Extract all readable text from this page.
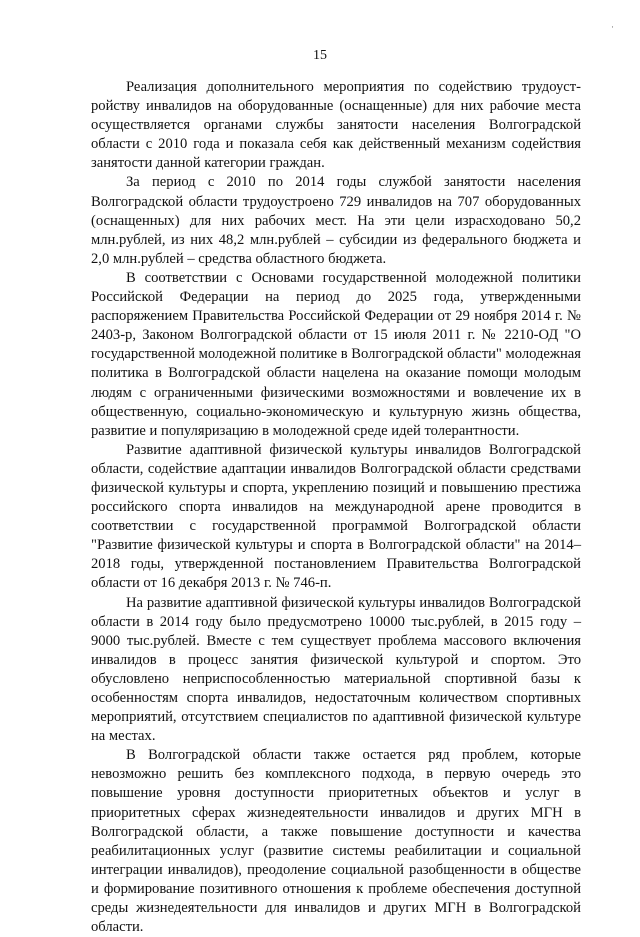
·
15

Реализация дополнительного мероприятия по содействию трудоустройству инвалидов на оборудованные (оснащенные) для них рабочие места осуществляется органами службы занятости населения Волгоградской области с 2010 года и показала себя как действенный механизм содействия занятости данной категории граждан.

За период с 2010 по 2014 годы службой занятости населения Волгоградской области трудоустроено 729 инвалидов на 707 оборудованных (оснащенных) для них рабочих мест. На эти цели израсходовано 50,2 млн.рублей, из них 48,2 млн.рублей – субсидии из федерального бюджета и 2,0 млн.рублей – средства областного бюджета.

В соответствии с Основами государственной молодежной политики Российской Федерации на период до 2025 года, утвержденными распоряжением Правительства Российской Федерации от 29 ноября 2014 г. № 2403-р, Законом Волгоградской области от 15 июля 2011 г. № 2210-ОД "О государственной молодежной политике в Волгоградской области" молодежная политика в Волгоградской области нацелена на оказание помощи молодым людям с ограниченными физическими возможностями и вовлечение их в общественную, социально-экономическую и культурную жизнь общества, развитие и популяризацию в молодежной среде идей толерантности.

Развитие адаптивной физической культуры инвалидов Волгоградской области, содействие адаптации инвалидов Волгоградской области средствами физической культуры и спорта, укреплению позиций и повышению престижа российского спорта инвалидов на международной арене проводится в соответствии с государственной программой Волгоградской области "Развитие физической культуры и спорта в Волгоградской области" на 2014–2018 годы, утвержденной постановлением Правительства Волгоградской области от 16 декабря 2013 г. № 746-п.

На развитие адаптивной физической культуры инвалидов Волгоградской области в 2014 году было предусмотрено 10000 тыс.рублей, в 2015 году – 9000 тыс.рублей. Вместе с тем существует проблема массового включения инвалидов в процесс занятия физической культурой и спортом. Это обусловлено неприспособленностью материальной спортивной базы к особенностям спорта инвалидов, недостаточным количеством спортивных мероприятий, отсутствием специалистов по адаптивной физической культуре на местах.

В Волгоградской области также остается ряд проблем, которые невозможно решить без комплексного подхода, в первую очередь это повышение уровня доступности приоритетных объектов и услуг в приоритетных сферах жизнедеятельности инвалидов и других МГН в Волгоградской области, а также повышение доступности и качества реабилитационных услуг (развитие системы реабилитации и социальной интеграции инвалидов), преодоление социальной разобщенности в обществе и формирование позитивного отношения к проблеме обеспечения доступной среды жизнедеятельности для инвалидов и других МГН в Волгоградской области.
